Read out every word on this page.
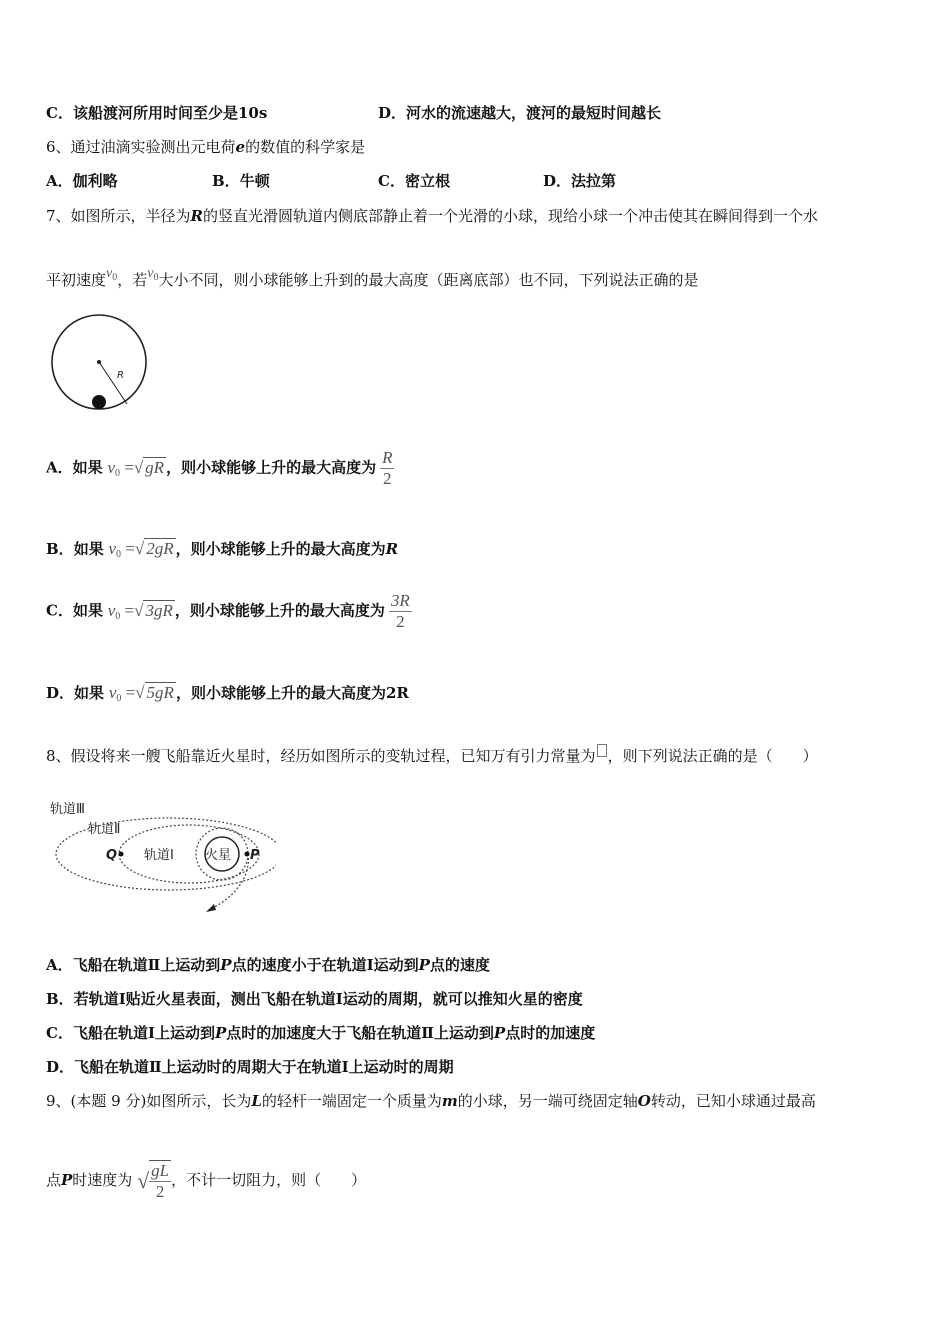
C．该船渡河所用时间至少是10s	D．河水的流速越大，渡河的最短时间越长
6、通过油滴实验测出元电荷e的数值的科学家是
A．伽利略	B．牛顿	C．密立根	D．法拉第
7、如图所示，半径为R的竖直光滑圆轨道内侧底部静止着一个光滑的小球，现给小球一个冲击使其在瞬间得到一个水
平初速度$v_0$，若$v_0$大小不同，则小球能够上升到的最大高度（距离底部）也不同，下列说法正确的是
R
A．如果 $v_0$ =√ gR ，则小球能够上升的最大高度为 $\frac{R}{2}$
B．如果 $v_0$ =√ 2gR ，则小球能够上升的最大高度为R
C．如果 $v_0$ =√ 3gR ，则小球能够上升的最大高度为 $\frac{3R}{2}$
D．如果 $v_0$ =√ 5gR ，则小球能够上升的最大高度为2R
8、假设将来一艘飞船靠近火星时，经历如图所示的变轨过程，已知万有引力常量为 ，则下列说法正确的是（　　）
轨道Ⅲ
轨道Ⅱ
轨道Ⅰ 火星
Q	P
A．飞船在轨道Ⅱ上运动到P点的速度小于在轨道Ⅰ运动到P点的速度
B．若轨道Ⅰ贴近火星表面，测出飞船在轨道Ⅰ运动的周期，就可以推知火星的密度
C．飞船在轨道Ⅰ上运动到P点时的加速度大于飞船在轨道Ⅱ上运动到P点时的加速度
D．飞船在轨道Ⅱ上运动时的周期大于在轨道Ⅰ上运动时的周期
9、(本题 9 分)如图所示，长为L的轻杆一端固定一个质量为m的小球，另一端可绕固定轴O转动，已知小球通过最高
点P时速度为 √ $\frac{gL}{2}$ ，不计一切阻力，则（　　）
